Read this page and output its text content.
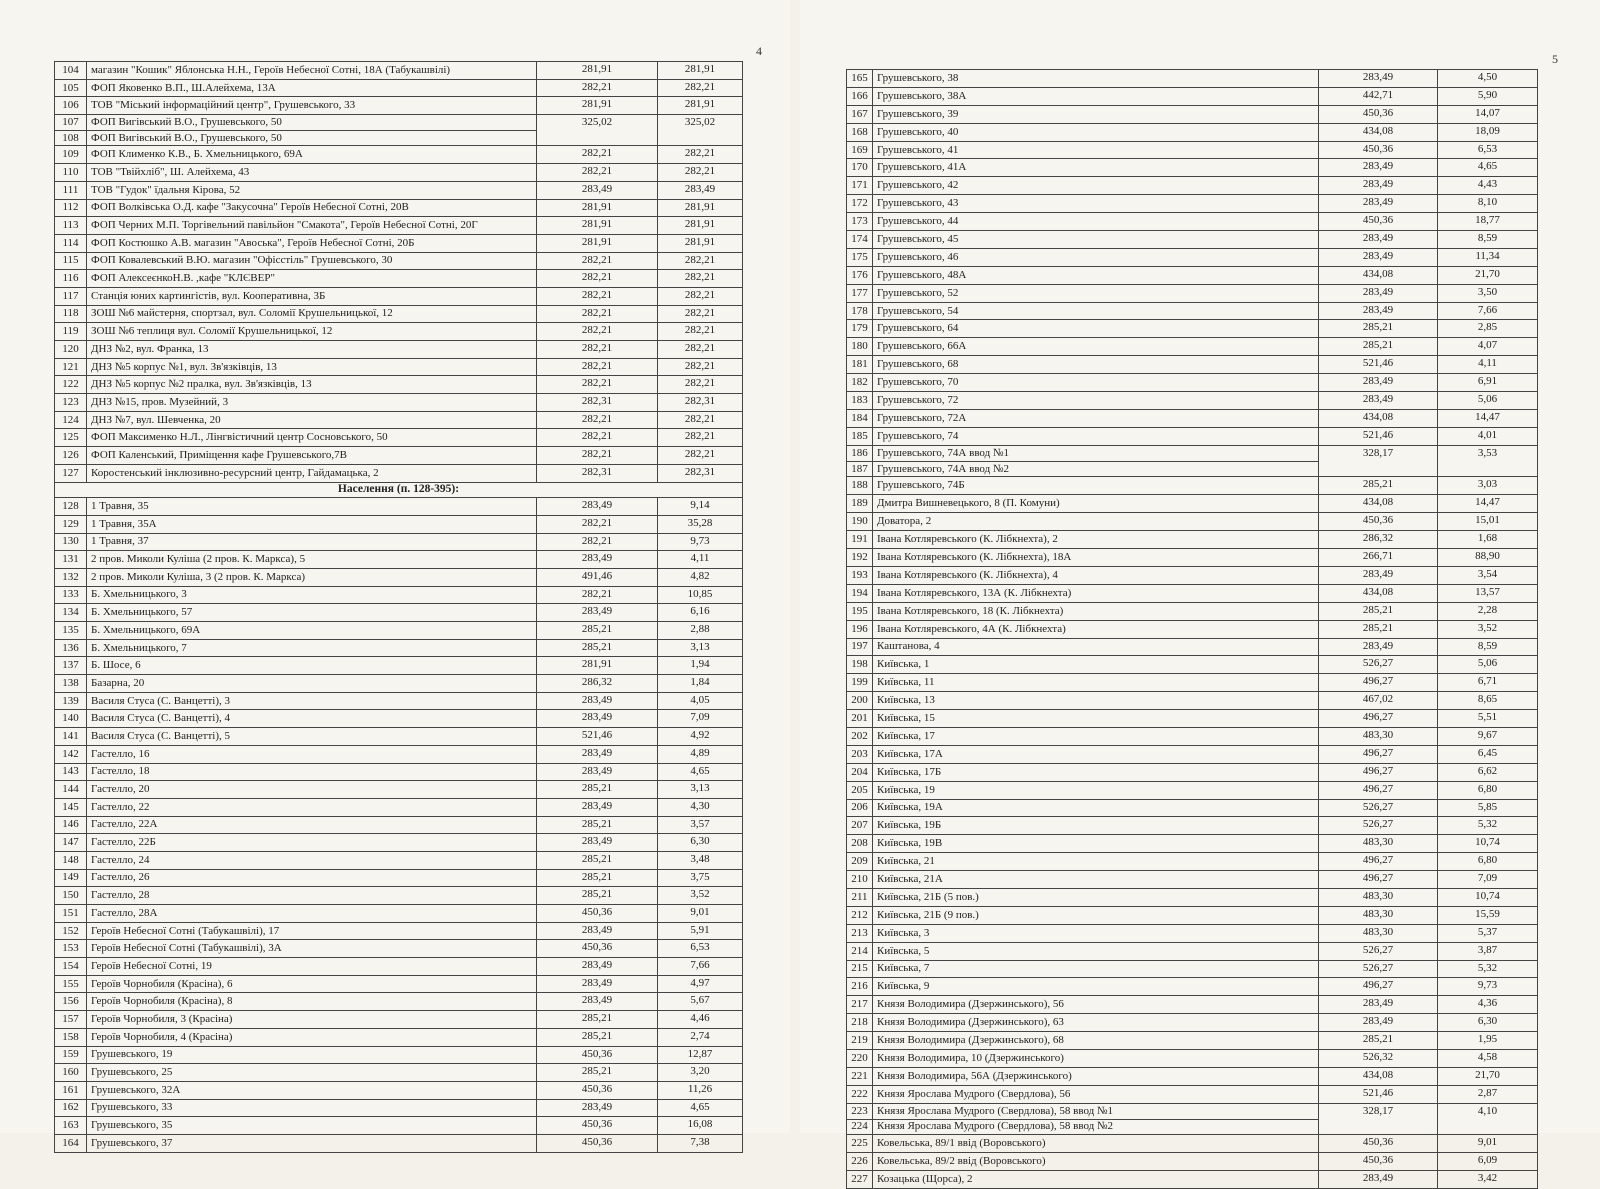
4
104	магазин "Кошик" Яблонська Н.Н., Героїв Небесної Сотні, 18А (Табукашвілі)	281,91	281,91
105	ФОП Яковенко В.П., Ш.Алейхема, 13А	282,21	282,21
106	ТОВ "Міський інформаційний центр", Грушевського, 33	281,91	281,91
107	ФОП Вигівський В.О., Грушевського, 50	325,02	325,02
108	ФОП Вигівський В.О., Грушевського, 50		
109	ФОП Клименко К.В., Б. Хмельницького, 69А	282,21	282,21
110	ТОВ "Твійхліб", Ш. Алейхема, 43	282,21	282,21
111	ТОВ "Гудок" їдальня Кірова, 52	283,49	283,49
112	ФОП Волківська О.Д. кафе "Закусочна" Героїв Небесної Сотні, 20В	281,91	281,91
113	ФОП Черних М.П. Торгівельний павільйон "Смакота", Героїв Небесної Сотні, 20Г	281,91	281,91
114	ФОП Костюшко А.В. магазин "Авоська", Героїв Небесної Сотні, 20Б	281,91	281,91
115	ФОП Ковалевський В.Ю. магазин "Офісстіль" Грушевського, 30	282,21	282,21
116	ФОП АлексеєнкоН.В. ,кафе "КЛЄВЕР"	282,21	282,21
117	Станція юних картингістів, вул. Кооперативна, 3Б	282,21	282,21
118	ЗОШ №6 майстерня, спортзал, вул. Соломії Крушельницької, 12	282,21	282,21
119	ЗОШ №6 теплиця вул. Соломії Крушельницької, 12	282,21	282,21
120	ДНЗ №2, вул. Франка, 13	282,21	282,21
121	ДНЗ №5 корпус №1, вул. Зв'язківців, 13	282,21	282,21
122	ДНЗ №5 корпус №2 пралка, вул. Зв'язківців, 13	282,21	282,21
123	ДНЗ №15, пров. Музейний, 3	282,31	282,31
124	ДНЗ №7, вул. Шевченка, 20	282,21	282,21
125	ФОП Максименко Н.Л., Лінгвістичний центр Сосновського, 50	282,21	282,21
126	ФОП Каленський, Приміщення кафе Грушевського,7В	282,21	282,21
127	Коростенський інклюзивно-ресурсний центр, Гайдамацька, 2	282,31	282,31
Населення (п. 128-395):			
128	1 Травня, 35	283,49	9,14
129	1 Травня, 35А	282,21	35,28
130	1 Травня, 37	282,21	9,73
131	2 пров. Миколи Куліша (2 пров. К. Маркса), 5	283,49	4,11
132	2 пров. Миколи Куліша, 3 (2 пров. К. Маркса)	491,46	4,82
133	Б. Хмельницького, 3	282,21	10,85
134	Б. Хмельницького, 57	283,49	6,16
135	Б. Хмельницького, 69А	285,21	2,88
136	Б. Хмельницького, 7	285,21	3,13
137	Б. Шосе, 6	281,91	1,94
138	Базарна, 20	286,32	1,84
139	Василя Стуса (С. Ванцетті), 3	283,49	4,05
140	Василя Стуса (С. Ванцетті), 4	283,49	7,09
141	Василя Стуса (С. Ванцетті), 5	521,46	4,92
142	Гастелло, 16	283,49	4,89
143	Гастелло, 18	283,49	4,65
144	Гастелло, 20	285,21	3,13
145	Гастелло, 22	283,49	4,30
146	Гастелло, 22А	285,21	3,57
147	Гастелло, 22Б	283,49	6,30
148	Гастелло, 24	285,21	3,48
149	Гастелло, 26	285,21	3,75
150	Гастелло, 28	285,21	3,52
151	Гастелло, 28А	450,36	9,01
152	Героїв Небесної Сотні (Табукашвілі), 17	283,49	5,91
153	Героїв Небесної Сотні (Табукашвілі), 3А	450,36	6,53
154	Героїв Небесної Сотні, 19	283,49	7,66
155	Героїв Чорнобиля (Красіна), 6	283,49	4,97
156	Героїв Чорнобиля (Красіна), 8	283,49	5,67
157	Героїв Чорнобиля, 3 (Красіна)	285,21	4,46
158	Героїв Чорнобиля, 4 (Красіна)	285,21	2,74
159	Грушевського, 19	450,36	12,87
160	Грушевського, 25	285,21	3,20
161	Грушевського, 32А	450,36	11,26
162	Грушевського, 33	283,49	4,65
163	Грушевського, 35	450,36	16,08
164	Грушевського, 37	450,36	7,38
5
165	Грушевського, 38	283,49	4,50
166	Грушевського, 38А	442,71	5,90
167	Грушевського, 39	450,36	14,07
168	Грушевського, 40	434,08	18,09
169	Грушевського, 41	450,36	6,53
170	Грушевського, 41А	283,49	4,65
171	Грушевського, 42	283,49	4,43
172	Грушевського, 43	283,49	8,10
173	Грушевського, 44	450,36	18,77
174	Грушевського, 45	283,49	8,59
175	Грушевського, 46	283,49	11,34
176	Грушевського, 48А	434,08	21,70
177	Грушевського, 52	283,49	3,50
178	Грушевського, 54	283,49	7,66
179	Грушевського, 64	285,21	2,85
180	Грушевського, 66А	285,21	4,07
181	Грушевського, 68	521,46	4,11
182	Грушевського, 70	283,49	6,91
183	Грушевського, 72	283,49	5,06
184	Грушевського, 72А	434,08	14,47
185	Грушевського, 74	521,46	4,01
186	Грушевського, 74А ввод №1	328,17	3,53
187	Грушевського, 74А ввод №2		
188	Грушевського, 74Б	285,21	3,03
189	Дмитра Вишневецького, 8 (П. Комуни)	434,08	14,47
190	Доватора, 2	450,36	15,01
191	Івана Котляревського (К. Лібкнехта), 2	286,32	1,68
192	Івана Котляревського (К. Лібкнехта), 18А	266,71	88,90
193	Івана Котляревського (К. Лібкнехта), 4	283,49	3,54
194	Івана Котляревського, 13А (К. Лібкнехта)	434,08	13,57
195	Івана Котляревського, 18 (К. Лібкнехта)	285,21	2,28
196	Івана Котляревського, 4А (К. Лібкнехта)	285,21	3,52
197	Каштанова, 4	283,49	8,59
198	Київська, 1	526,27	5,06
199	Київська, 11	496,27	6,71
200	Київська, 13	467,02	8,65
201	Київська, 15	496,27	5,51
202	Київська, 17	483,30	9,67
203	Київська, 17А	496,27	6,45
204	Київська, 17Б	496,27	6,62
205	Київська, 19	496,27	6,80
206	Київська, 19А	526,27	5,85
207	Київська, 19Б	526,27	5,32
208	Київська, 19В	483,30	10,74
209	Київська, 21	496,27	6,80
210	Київська, 21А	496,27	7,09
211	Київська, 21Б (5 пов.)	483,30	10,74
212	Київська, 21Б (9 пов.)	483,30	15,59
213	Київська, 3	483,30	5,37
214	Київська, 5	526,27	3,87
215	Київська, 7	526,27	5,32
216	Київська, 9	496,27	9,73
217	Князя Володимира (Дзержинського), 56	283,49	4,36
218	Князя Володимира (Дзержинського), 63	283,49	6,30
219	Князя Володимира (Дзержинського), 68	285,21	1,95
220	Князя Володимира, 10 (Дзержинського)	526,32	4,58
221	Князя Володимира, 56А (Дзержинського)	434,08	21,70
222	Князя Ярослава Мудрого (Свердлова), 56	521,46	2,87
223	Князя Ярослава Мудрого (Свердлова), 58 ввод №1	328,17	4,10
224	Князя Ярослава Мудрого (Свердлова), 58 ввод №2		
225	Ковельська, 89/1 ввід (Воровського)	450,36	9,01
226	Ковельська, 89/2 ввід (Воровського)	450,36	6,09
227	Козацька (Щорса), 2	283,49	3,42
